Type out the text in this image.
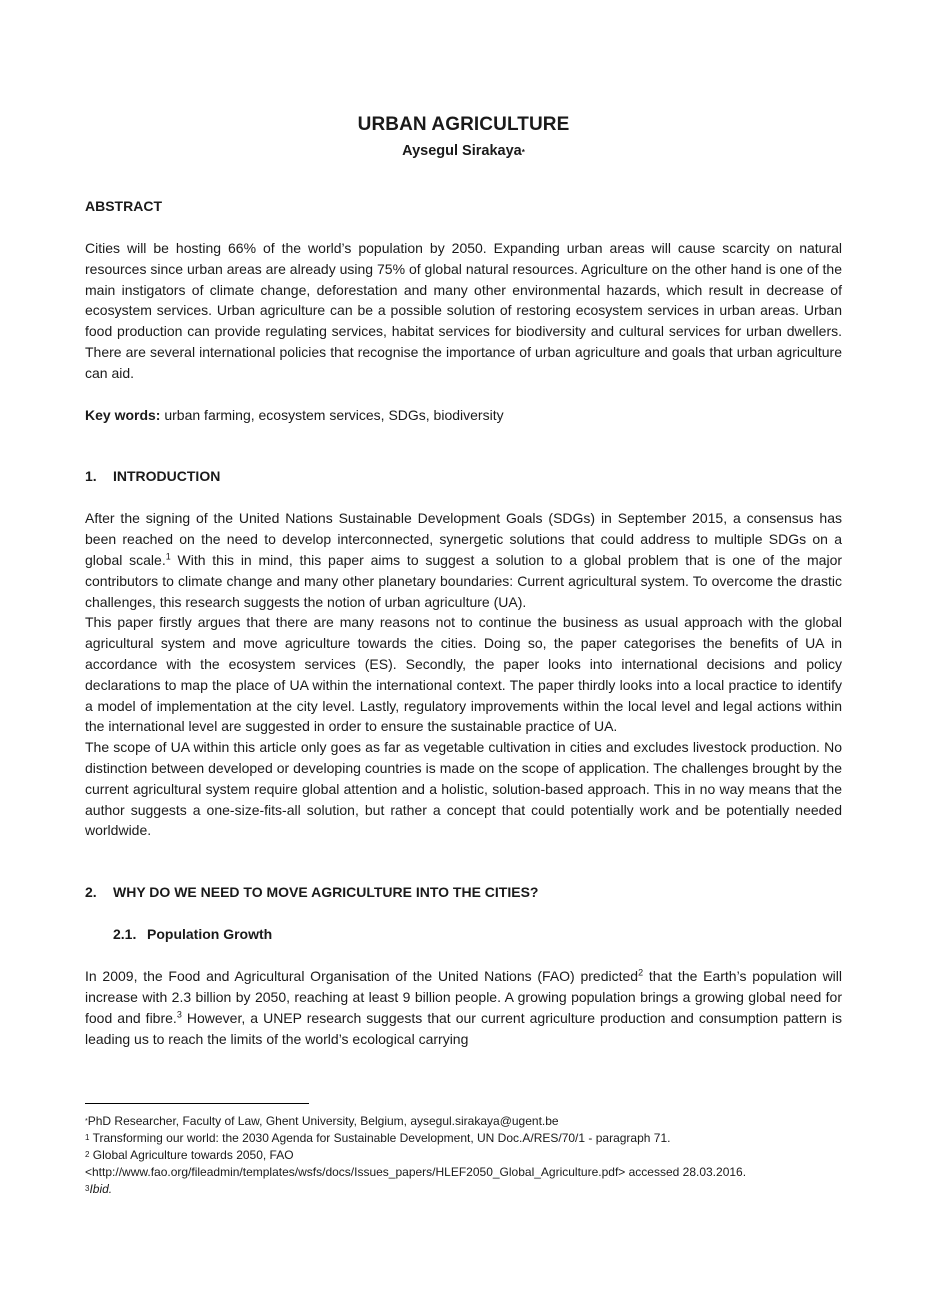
URBAN AGRICULTURE
Aysegul Sirakaya*
ABSTRACT

Cities will be hosting 66% of the world’s population by 2050. Expanding urban areas will cause scarcity on natural resources since urban areas are already using 75% of global natural resources. Agriculture on the other hand is one of the main instigators of climate change, deforestation and many other environmental hazards, which result in decrease of ecosystem services. Urban agriculture can be a possible solution of restoring ecosystem services in urban areas. Urban food production can provide regulating services, habitat services for biodiversity and cultural services for urban dwellers. There are several international policies that recognise the importance of urban agriculture and goals that urban agriculture can aid.

Key words: urban farming, ecosystem services, SDGs, biodiversity

1. INTRODUCTION

After the signing of the United Nations Sustainable Development Goals (SDGs) in September 2015, a consensus has been reached on the need to develop interconnected, synergetic solutions that could address to multiple SDGs on a global scale.$^1$ With this in mind, this paper aims to suggest a solution to a global problem that is one of the major contributors to climate change and many other planetary boundaries: Current agricultural system. To overcome the drastic challenges, this research suggests the notion of urban agriculture (UA).

This paper firstly argues that there are many reasons not to continue the business as usual approach with the global agricultural system and move agriculture towards the cities. Doing so, the paper categorises the benefits of UA in accordance with the ecosystem services (ES). Secondly, the paper looks into international decisions and policy declarations to map the place of UA within the international context. The paper thirdly looks into a local practice to identify a model of implementation at the city level. Lastly, regulatory improvements within the local level and legal actions within the international level are suggested in order to ensure the sustainable practice of UA.

The scope of UA within this article only goes as far as vegetable cultivation in cities and excludes livestock production. No distinction between developed or developing countries is made on the scope of application. The challenges brought by the current agricultural system require global attention and a holistic, solution-based approach. This in no way means that the author suggests a one-size-fits-all solution, but rather a concept that could potentially work and be potentially needed worldwide.

2. WHY DO WE NEED TO MOVE AGRICULTURE INTO THE CITIES?
2.1. Population Growth

In 2009, the Food and Agricultural Organisation of the United Nations (FAO) predicted$^2$ that the Earth’s population will increase with 2.3 billion by 2050, reaching at least 9 billion people. A growing population brings a growing global need for food and fibre.$^3$ However, a UNEP research suggests that our current agriculture production and consumption pattern is leading us to reach the limits of the world’s ecological carrying

*PhD Researcher, Faculty of Law, Ghent University, Belgium, aysegul.sirakaya@ugent.be
$^1$ Transforming our world: the 2030 Agenda for Sustainable Development, UN Doc.A/RES/70/1 - paragraph 71.
$^2$ Global Agriculture towards 2050, FAO
<http://www.fao.org/fileadmin/templates/wsfs/docs/Issues_papers/HLEF2050_Global_Agriculture.pdf> accessed 28.03.2016.
$^3$Ibid.
